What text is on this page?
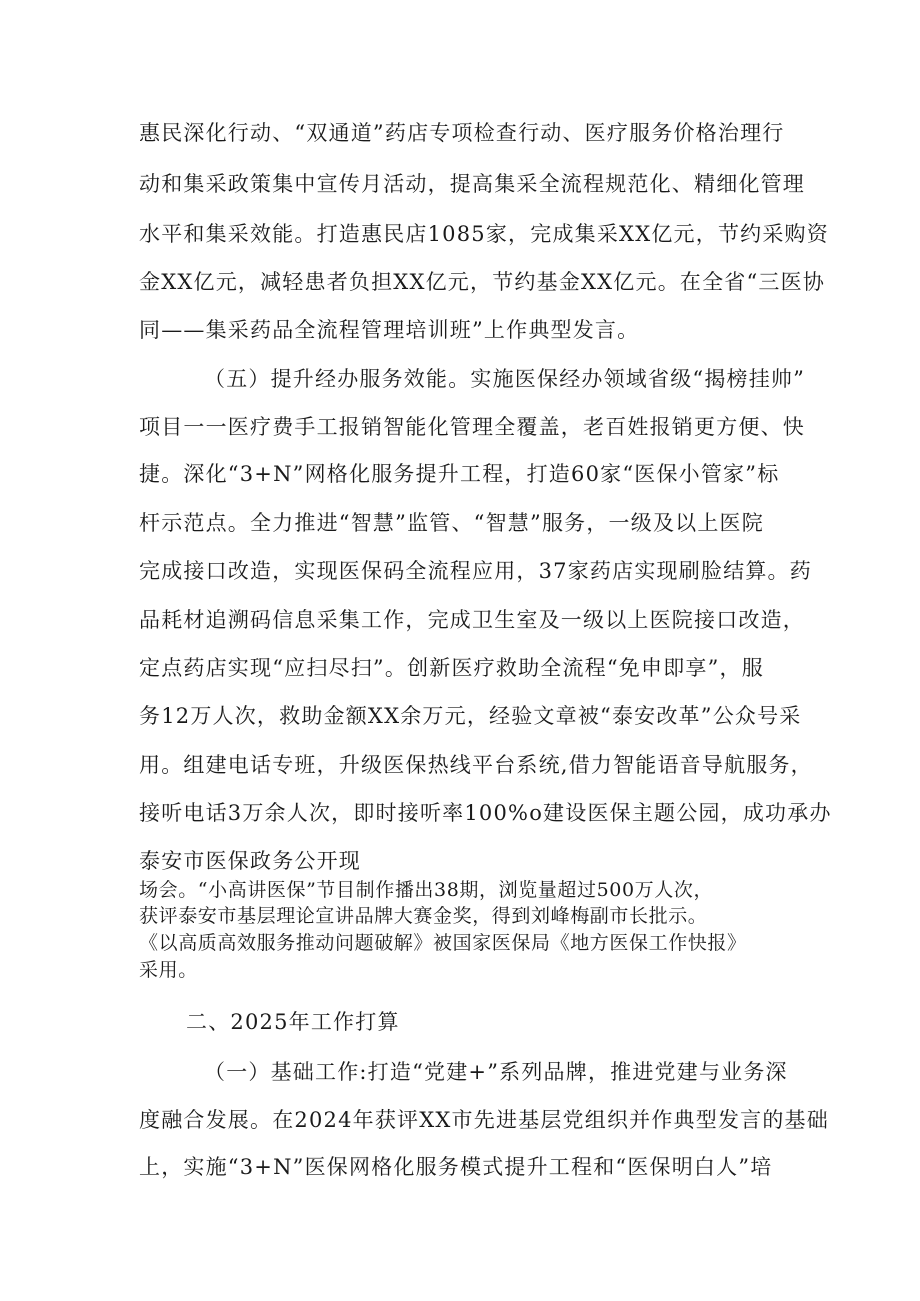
惠民深化行动、“双通道”药店专项检查行动、医疗服务价格治理行
动和集采政策集中宣传月活动，提高集采全流程规范化、精细化管理
水平和集采效能。打造惠民店1085家，完成集采XX亿元，节约采购资
金XX亿元，减轻患者负担XX亿元，节约基金XX亿元。在全省“三医协
同——集采药品全流程管理培训班”上作典型发言。
（五）提升经办服务效能。实施医保经办领域省级“揭榜挂帅”
项目一一医疗费手工报销智能化管理全覆盖，老百姓报销更方便、快
捷。深化“3+N”网格化服务提升工程，打造60家“医保小管家”标
杆示范点。全力推进“智慧”监管、“智慧”服务，一级及以上医院
完成接口改造，实现医保码全流程应用，37家药店实现刷脸结算。药
品耗材追溯码信息采集工作，完成卫生室及一级以上医院接口改造，
定点药店实现“应扫尽扫”。创新医疗救助全流程“免申即享”，服
务12万人次，救助金额XX余万元，经验文章被“泰安改革”公众号采
用。组建电话专班，升级医保热线平台系统,借力智能语音导航服务，
接听电话3万余人次，即时接听率100%o建设医保主题公园，成功承办
泰安市医保政务公开现
场会。“小高讲医保”节目制作播出38期，浏览量超过500万人次，
获评泰安市基层理论宣讲品牌大赛金奖，得到刘峰梅副市长批示。
《以高质高效服务推动问题破解》被国家医保局《地方医保工作快报》
采用。
二、2025年工作打算
（一）基础工作:打造“党建+”系列品牌，推进党建与业务深
度融合发展。在2024年获评XX市先进基层党组织并作典型发言的基础
上，实施“3+N”医保网格化服务模式提升工程和“医保明白人”培
